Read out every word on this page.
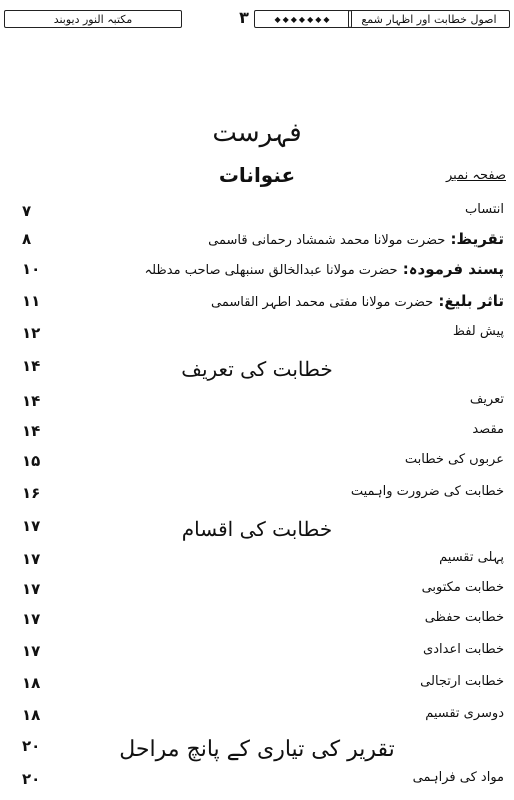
اصول خطابت اور اظہار شمع
◆◆◆◆◆◆◆
۳
مکتبہ النور دیوبند
فہرست
عنوانات	صفحہ نمبر
انتساب
۷
تقریظ: حضرت مولانا محمد شمشاد رحمانی قاسمی
۸
پسند فرمودہ: حضرت مولانا عبدالخالق سنبھلی صاحب مدظلہ
۱۰
تاثر بلیغ: حضرت مولانا مفتی محمد اطہر القاسمی
۱۱
پیش لفظ
۱۲
خطابت کی تعریف
۱۴
تعریف
۱۴
مقصد
۱۴
عربوں کی خطابت
۱۵
خطابت کی ضرورت واہمیت
۱۶
خطابت کی اقسام
۱۷
پہلی تقسیم
۱۷
خطابت مکتوبی
۱۷
خطابت حفظی
۱۷
خطابت اعدادی
۱۷
خطابت ارتجالی
۱۸
دوسری تقسیم
۱۸
تقریر کی تیاری کے پانچ مراحل
۲۰
مواد کی فراہمی
۲۰
